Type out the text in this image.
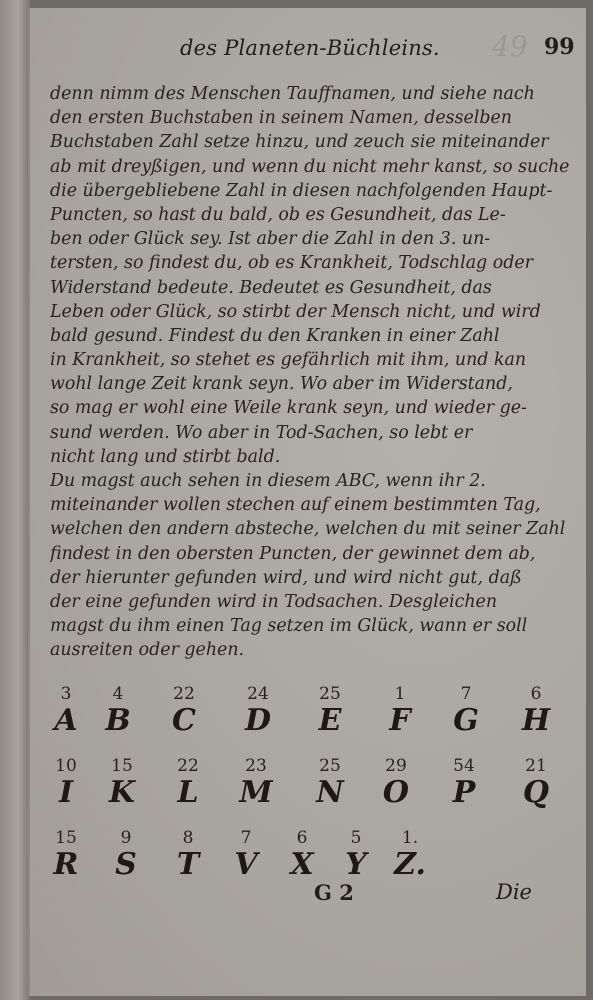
des Planeten-Büchleins. 49 99
denn nimm des Menschen Tauffnamen, und siehe nach
den ersten Buchstaben in seinem Namen, desselben
Buchstaben Zahl setze hinzu, und zeuch sie miteinander
ab mit dreyßigen, und wenn du nicht mehr kanst, so suche
die übergebliebene Zahl in diesen nachfolgenden Haupt-
Puncten, so hast du bald, ob es Gesundheit, das Le-
ben oder Glück sey. Ist aber die Zahl in den 3. un-
tersten, so findest du, ob es Krankheit, Todschlag oder
Widerstand bedeute. Bedeutet es Gesundheit, das
Leben oder Glück, so stirbt der Mensch nicht, und wird
bald gesund. Findest du den Kranken in einer Zahl
in Krankheit, so stehet es gefährlich mit ihm, und kan
wohl lange Zeit krank seyn. Wo aber im Widerstand,
so mag er wohl eine Weile krank seyn, und wieder ge-
sund werden. Wo aber in Tod-Sachen, so lebt er
nicht lang und stirbt bald.
Du magst auch sehen in diesem ABC, wenn ihr 2.
miteinander wollen stechen auf einem bestimmten Tag,
welchen den andern absteche, welchen du mit seiner Zahl
findest in den obersten Puncten, der gewinnet dem ab,
der hierunter gefunden wird, und wird nicht gut, daß
der eine gefunden wird in Todsachen. Desgleichen
magst du ihm einen Tag setzen im Glück, wann er soll
ausreiten oder gehen.
3
A
4
B
22
C
24
D
25
E
1
F
7
G
6
H
10
I
15
K
22
L
23
M
25
N
29
O
54
P
21
Q
15
R
9
S
8
T
7
V
6
X
5
Y
1.
Z.
G 2	Die
